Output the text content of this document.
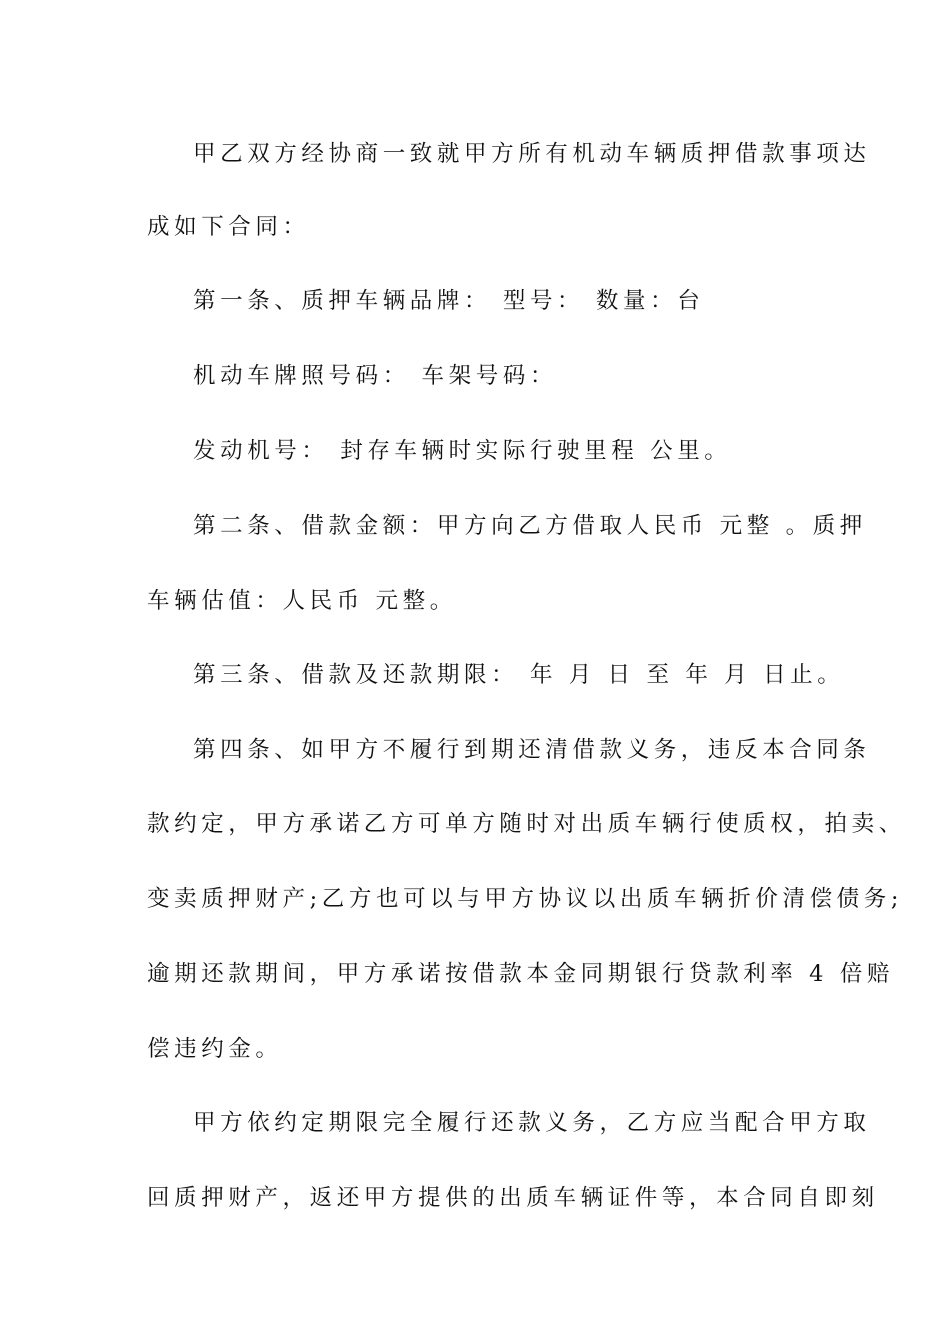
甲乙双方经协商一致就甲方所有机动车辆质押借款事项达
成如下合同：
第一条、质押车辆品牌： 型号： 数量：台
机动车牌照号码： 车架号码：
发动机号： 封存车辆时实际行驶里程 公里。
第二条、借款金额：甲方向乙方借取人民币 元整 。质押
车辆估值：人民币 元整。
第三条、借款及还款期限： 年 月 日 至 年 月 日止。
第四条、如甲方不履行到期还清借款义务，违反本合同条
款约定，甲方承诺乙方可单方随时对出质车辆行使质权，拍卖、
变卖质押财产;乙方也可以与甲方协议以出质车辆折价清偿债务;
逾期还款期间，甲方承诺按借款本金同期银行贷款利率 4 倍赔
偿违约金。
甲方依约定期限完全履行还款义务，乙方应当配合甲方取
回质押财产，返还甲方提供的出质车辆证件等，本合同自即刻
